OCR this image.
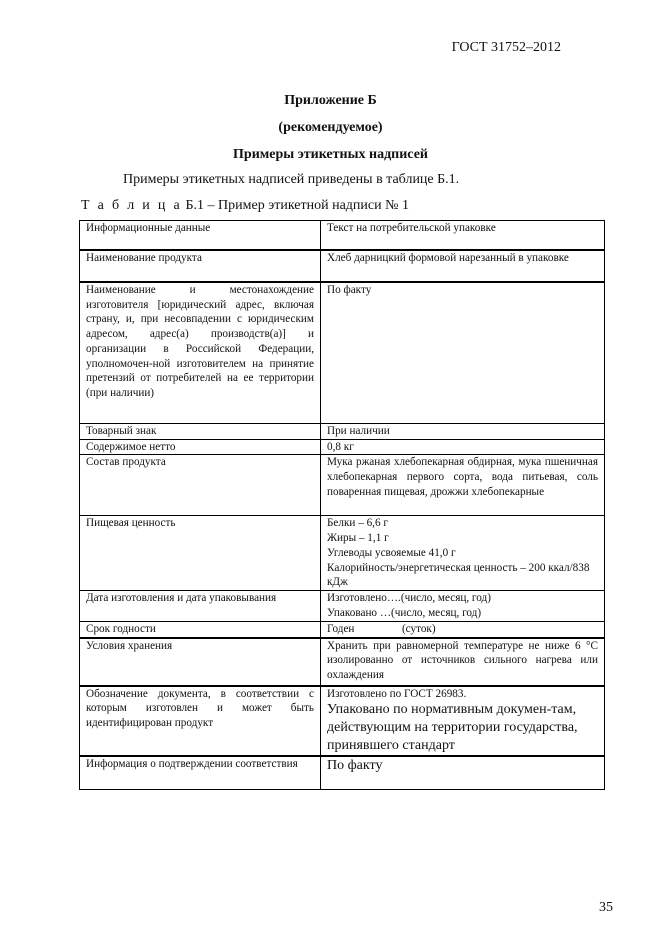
ГОСТ 31752–2012
Приложение Б
(рекомендуемое)
Примеры этикетных надписей
Примеры этикетных надписей приведены в таблице Б.1.
Т а б л и ц а Б.1 – Пример этикетной надписи № 1
Информационные данные	Текст на потребительской упаковке
Наименование продукта	Хлеб дарницкий формовой нарезанный в упаковке
Наименование и местонахождение изготовителя [юридический адрес, включая страну, и, при несовпадении с юридическим адресом, адрес(а) производств(а)] и организации в Российской Федерации, уполномочен-ной изготовителем на принятие претензий от потребителей на ее территории (при наличии)	По факту
Товарный знак	При наличии
Содержимое нетто	0,8 кг
Состав продукта	Мука ржаная хлебопекарная обдирная, мука пшеничная хлебопекарная первого сорта, вода питьевая, соль поваренная пищевая, дрожжи хлебопекарные
Пищевая ценность	Белки – 6,6 г
Жиры – 1,1 г
Углеводы усвояемые 41,0 г
Калорийность/энергетическая ценность – 200 ккал/838 кДж

Дата изготовления и дата упаковывания	Изготовлено….(число, месяц, год)
Упаковано …(число, месяц, год)

Срок годности	Годен                 (суток)
Условия хранения	Хранить при равномерной температуре не ниже 6 °С изолированно от источников сильного нагрева или охлаждения
Обозначение документа, в соответствии с которым изготовлен и может быть идентифицирован продукт	Изготовлено по ГОСТ 26983.
Упаковано по нормативным докумен-там, действующим на территории государства, принявшего стандарт

Информация о подтверждении соответствия	По факту
35
